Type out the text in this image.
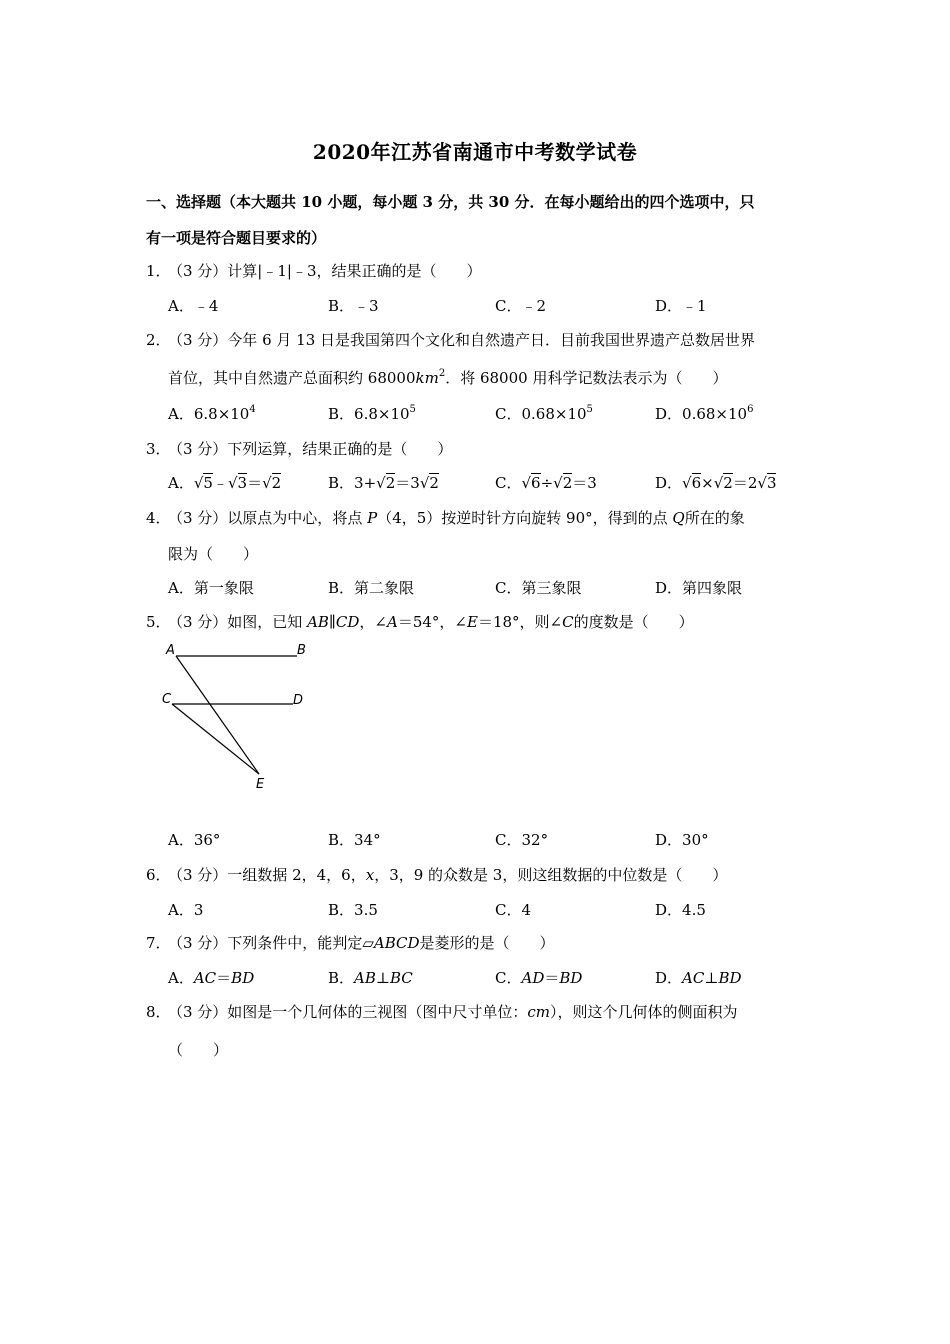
2020年江苏省南通市中考数学试卷
一、选择题（本大题共 10 小题，每小题 3 分，共 30 分．在每小题给出的四个选项中，只
有一项是符合题目要求的）
1．（3 分）计算|﹣1|﹣3，结果正确的是（　　）
A．﹣4	B．﹣3	C．﹣2	D．﹣1
2．（3 分）今年 6 月 13 日是我国第四个文化和自然遗产日．目前我国世界遗产总数居世界
首位，其中自然遗产总面积约 $68000km^2$．将 68000 用科学记数法表示为（　　）
A．$6.8\times 10^4$	B．$6.8\times 10^5$	C．$0.68\times 10^5$	D．$0.68\times 10^6$
3．（3 分）下列运算，结果正确的是（　　）
A．√5﹣√3＝√2	B．3+√2＝3√2	C．√6÷√2＝3	D．√6×√2＝2√3
4．（3 分）以原点为中心，将点 P（4，5）按逆时针方向旋转 90°，得到的点 Q所在的象
限为（　　）
A．第一象限	B．第二象限	C．第三象限	D．第四象限
5．（3 分）如图，已知 AB∥CD，∠A＝54°，∠E＝18°，则∠C的度数是（　　）
A	B
C	D
E
A．36°	B．34°	C．32°	D．30°
6．（3 分）一组数据 2，4，6，x，3，9 的众数是 3，则这组数据的中位数是（　　）
A．3	B．3.5	C．4	D．4.5
7．（3 分）下列条件中，能判定▱ABCD是菱形的是（　　）
A．AC＝BD	B．AB⊥BC	C．AD＝BD	D．AC⊥BD
8．（3 分）如图是一个几何体的三视图（图中尺寸单位：cm），则这个几何体的侧面积为
（　　）
